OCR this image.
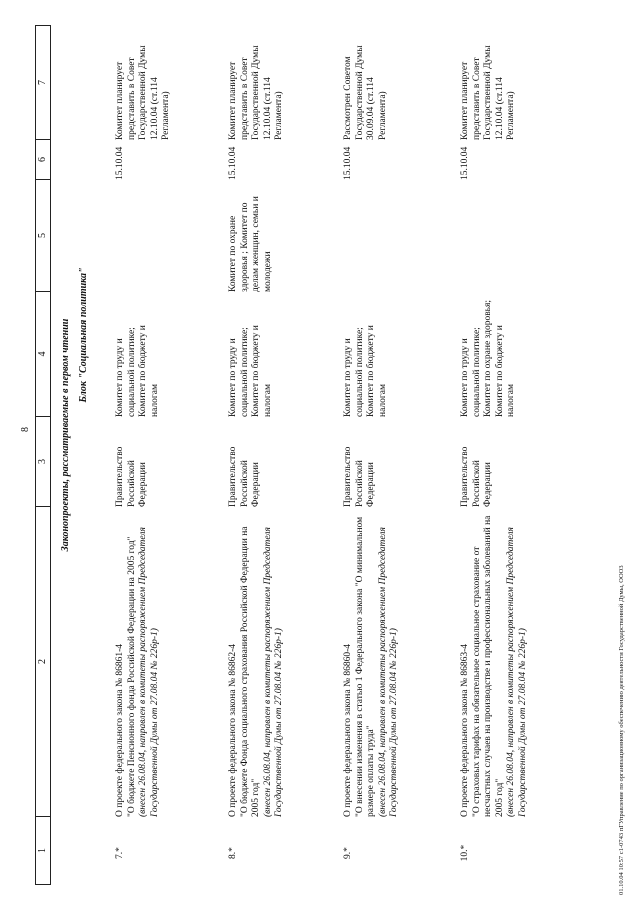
8
1
2
3
4
5
6
7
Законопроекты, рассматриваемые в первом чтении Блок "Социальная политика"
7.*
О проекте федерального закона № 86861-4 "О бюджете Пенсионного фонда Российской Федерации на 2005 год" (внесен 26.08.04, направлен в комитеты распоряжением Председателя Государственной Думы от 27.08.04 № 226р-1)
Правительство Российской Федерации
Комитет по труду и социальной политике; Комитет по бюджету и налогам
15.10.04
Комитет планирует представить в Совет Государственной Думы 12.10.04 (ст.114 Регламента)
8.*
О проекте федерального закона № 86862-4 "О бюджете Фонда социального страхования Российской Федерации на 2005 год" (внесен 26.08.04, направлен в комитеты распоряжением Председателя Государственной Думы от 27.08.04 № 226р-1)
Правительство Российской Федерации
Комитет по труду и социальной политике; Комитет по бюджету и налогам
Комитет по охране здоровья ; Комитет по делам женщин, семьи и молодежи
15.10.04
Комитет планирует представить в Совет Государственной Думы 12.10.04 (ст.114 Регламента)
9.*
О проекте федерального закона № 86860-4 "О внесении изменения в статью 1 Федерального закона "О минимальном размере оплаты труда" (внесен 26.08.04, направлен в комитеты распоряжением Председателя Государственной Думы от 27.08.04 № 226р-1)
Правительство Российской Федерации
Комитет по труду и социальной политике; Комитет по бюджету и налогам
15.10.04
Рассмотрен Советом Государственной Думы 30.09.04 (ст.114 Регламента)
10.*
О проекте федерального закона № 86863-4 "О страховых тарифах на обязательное социальное страхование от несчастных случаев на производстве и профессиональных заболеваний на 2005 год" (внесен 26.08.04, направлен в комитеты распоряжением Председателя Государственной Думы от 27.08.04 № 226р-1)
Правительство Российской Федерации
Комитет по труду и социальной политике; Комитет по охране здоровья; Комитет по бюджету и налогам
15.10.04
Комитет планирует представить в Совет Государственной Думы 12.10.04 (ст.114 Регламента)
01.10.04 10:57 с1-0743 пГУправление по организационному обеспечению деятельности Государственной Думы, ООО3
